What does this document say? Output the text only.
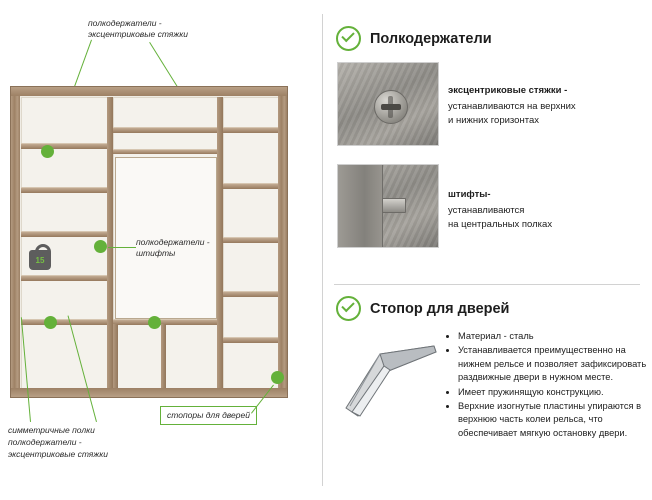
полкодержатели -
эксцентриковые стяжки
15
полкодержатели -
штифты
стопоры для дверей
симметричные полки
полкодержатели -
эксцентриковые стяжки
Полкодержатели
эксцентриковые стяжки -
устанавливаются на верхних
и нижних горизонтах
штифты-
устанавливаются
на центральных полках
Стопор для дверей
• Материал - сталь
• Устанавливается преимущественно на нижнем рельсе и позволяет зафиксировать раздвижные двери в нужном месте.
• Имеет пружинящую конструкцию.
• Верхние изогнутые пластины упираются в верхнюю часть колеи рельса, что обеспечивает мягкую остановку двери.
